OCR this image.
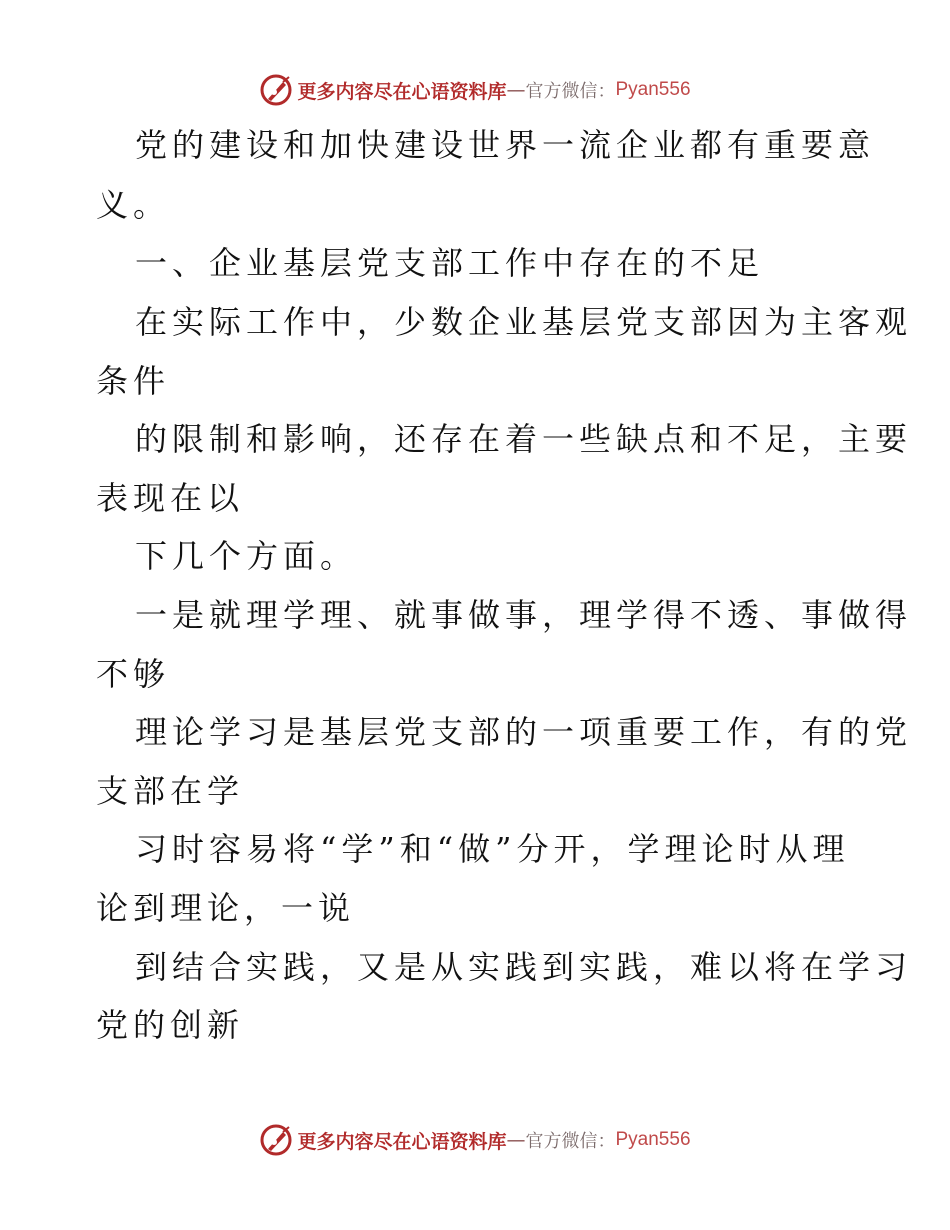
更多内容尽在心语资料库 — 官方微信： Pyan556
党的建设和加快建设世界一流企业都有重要意
义。
一、企业基层党支部工作中存在的不足
在实际工作中，少数企业基层党支部因为主客观
条件
的限制和影响，还存在着一些缺点和不足，主要
表现在以
下几个方面。
一是就理学理、就事做事，理学得不透、事做得
不够
理论学习是基层党支部的一项重要工作，有的党
支部在学
习时容易将“学”和“做”分开，学理论时从理
论到理论，一说
到结合实践，又是从实践到实践，难以将在学习
党的创新
更多内容尽在心语资料库 — 官方微信： Pyan556
